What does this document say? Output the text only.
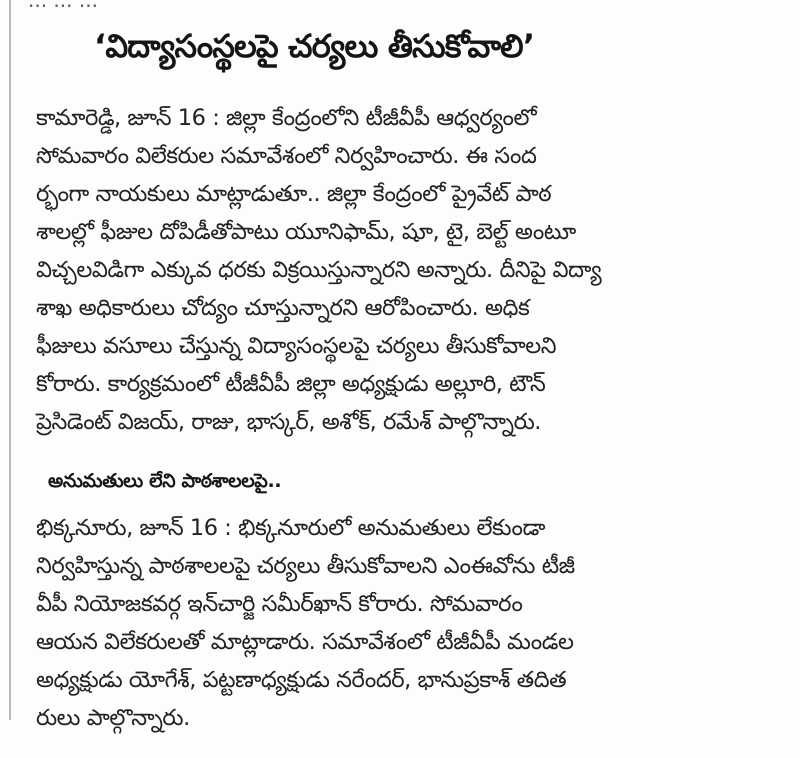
... ... ...
‘విద్యాసంస్థలపై చర్యలు తీసుకోవాలి’
కామారెడ్డి, జూన్ 16 : జిల్లా కేంద్రంలోని టీజీవీపీ ఆధ్వర్యంలో
సోమవారం విలేకరుల సమావేశంలో నిర్వహించారు. ఈ సంద
ర్భంగా నాయకులు మాట్లాడుతూ.. జిల్లా కేంద్రంలో ప్రైవేట్ పాఠ
శాలల్లో ఫీజుల దోపిడీతోపాటు యూనిఫామ్, షూ, టై, బెల్ట్ అంటూ
విచ్చలవిడిగా ఎక్కువ ధరకు విక్రయిస్తున్నారని అన్నారు. దీనిపై విద్యా
శాఖ అధికారులు చోద్యం చూస్తున్నారని ఆరోపించారు. అధిక
ఫీజులు వసూలు చేస్తున్న విద్యాసంస్థలపై చర్యలు తీసుకోవాలని
కోరారు. కార్యక్రమంలో టీజీవీపీ జిల్లా అధ్యక్షుడు అల్లూరి, టౌన్
ప్రెసిడెంట్ విజయ్, రాజు, భాస్కర్, అశోక్, రమేశ్ పాల్గొన్నారు.
అనుమతులు లేని పాఠశాలలపై..
భిక్కనూరు, జూన్ 16 : భిక్కనూరులో అనుమతులు లేకుండా
నిర్వహిస్తున్న పాఠశాలలపై చర్యలు తీసుకోవాలని ఎంఈవోను టీజీ
వీపీ నియోజకవర్గ ఇన్‌చార్జి సమీర్‌ఖాన్ కోరారు. సోమవారం
ఆయన విలేకరులతో మాట్లాడారు. సమావేశంలో టీజీవీపీ మండల
అధ్యక్షుడు యోగేశ్, పట్టణాధ్యక్షుడు నరేందర్, భానుప్రకాశ్ తదిత
రులు పాల్గొన్నారు.
